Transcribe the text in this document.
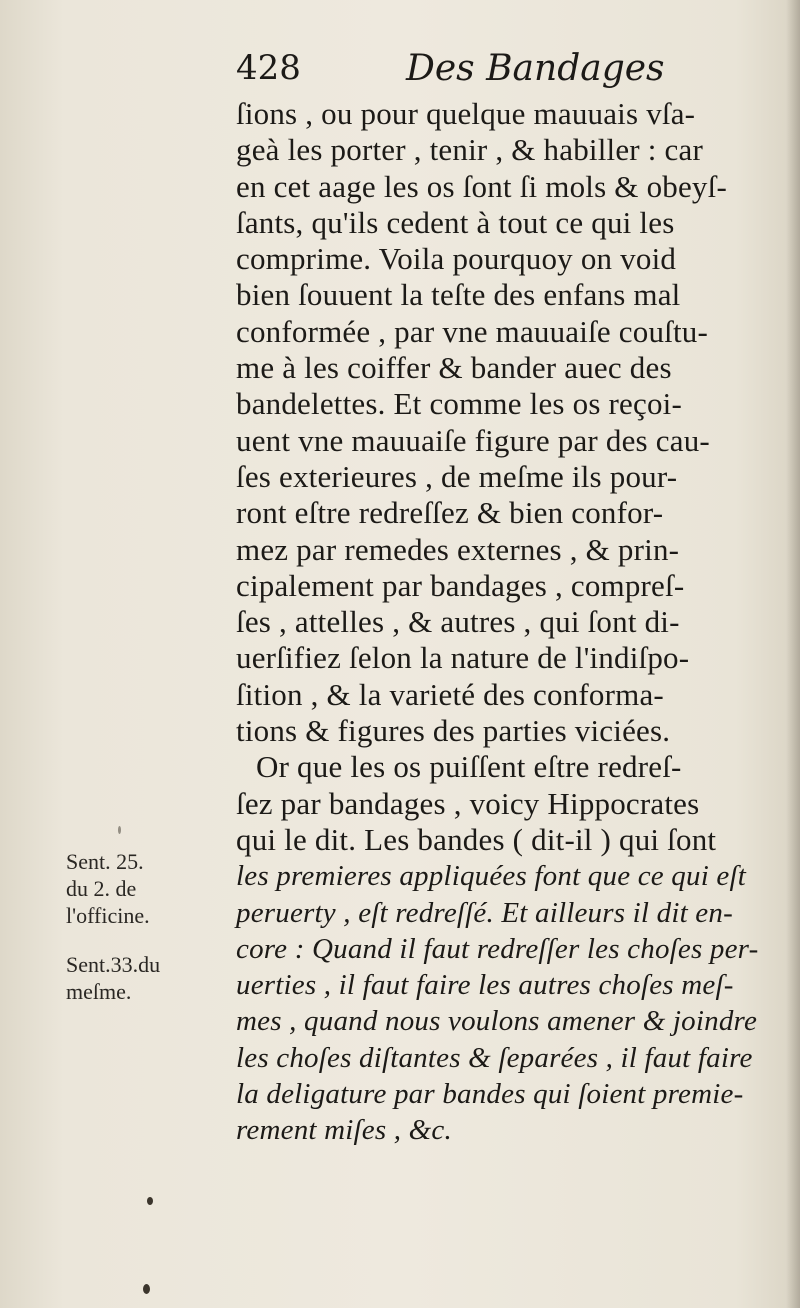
428	Des Bandages
ſions , ou pour quelque mauuais vſa-
geà les porter , tenir , & habiller : car
en cet aage les os ſont ſi mols & obeyſ-
ſants, qu'ils cedent à tout ce qui les
comprime. Voila pourquoy on void
bien ſouuent la teſte des enfans mal
conformée , par vne mauuaiſe couſtu-
me à les coiffer & bander auec des
bandelettes. Et comme les os reçoi-
uent vne mauuaiſe figure par des cau-
ſes exterieures , de meſme ils pour-
ront eſtre redreſſez & bien confor-
mez par remedes externes , & prin-
cipalement par bandages , compreſ-
ſes , attelles , & autres , qui ſont di-
uerſifiez ſelon la nature de l'indiſpo-
ſition , & la varieté des conforma-
tions & figures des parties viciées.
Or que les os puiſſent eſtre redreſ-
ſez par bandages , voicy Hippocrates
qui le dit. Les bandes ( dit-il ) qui ſont
les premieres appliquées font que ce qui eſt
peruerty , eſt redreſſé. Et ailleurs il dit en-
core : Quand il faut redreſſer les choſes per-
uerties , il faut faire les autres choſes meſ-
mes , quand nous voulons amener & joindre
les choſes diſtantes & ſeparées , il faut faire
la deligature par bandes qui ſoient premie-
rement miſes , &c.
Sent. 25.
du 2. de
l'officine.
Sent.33.du
meſme.
